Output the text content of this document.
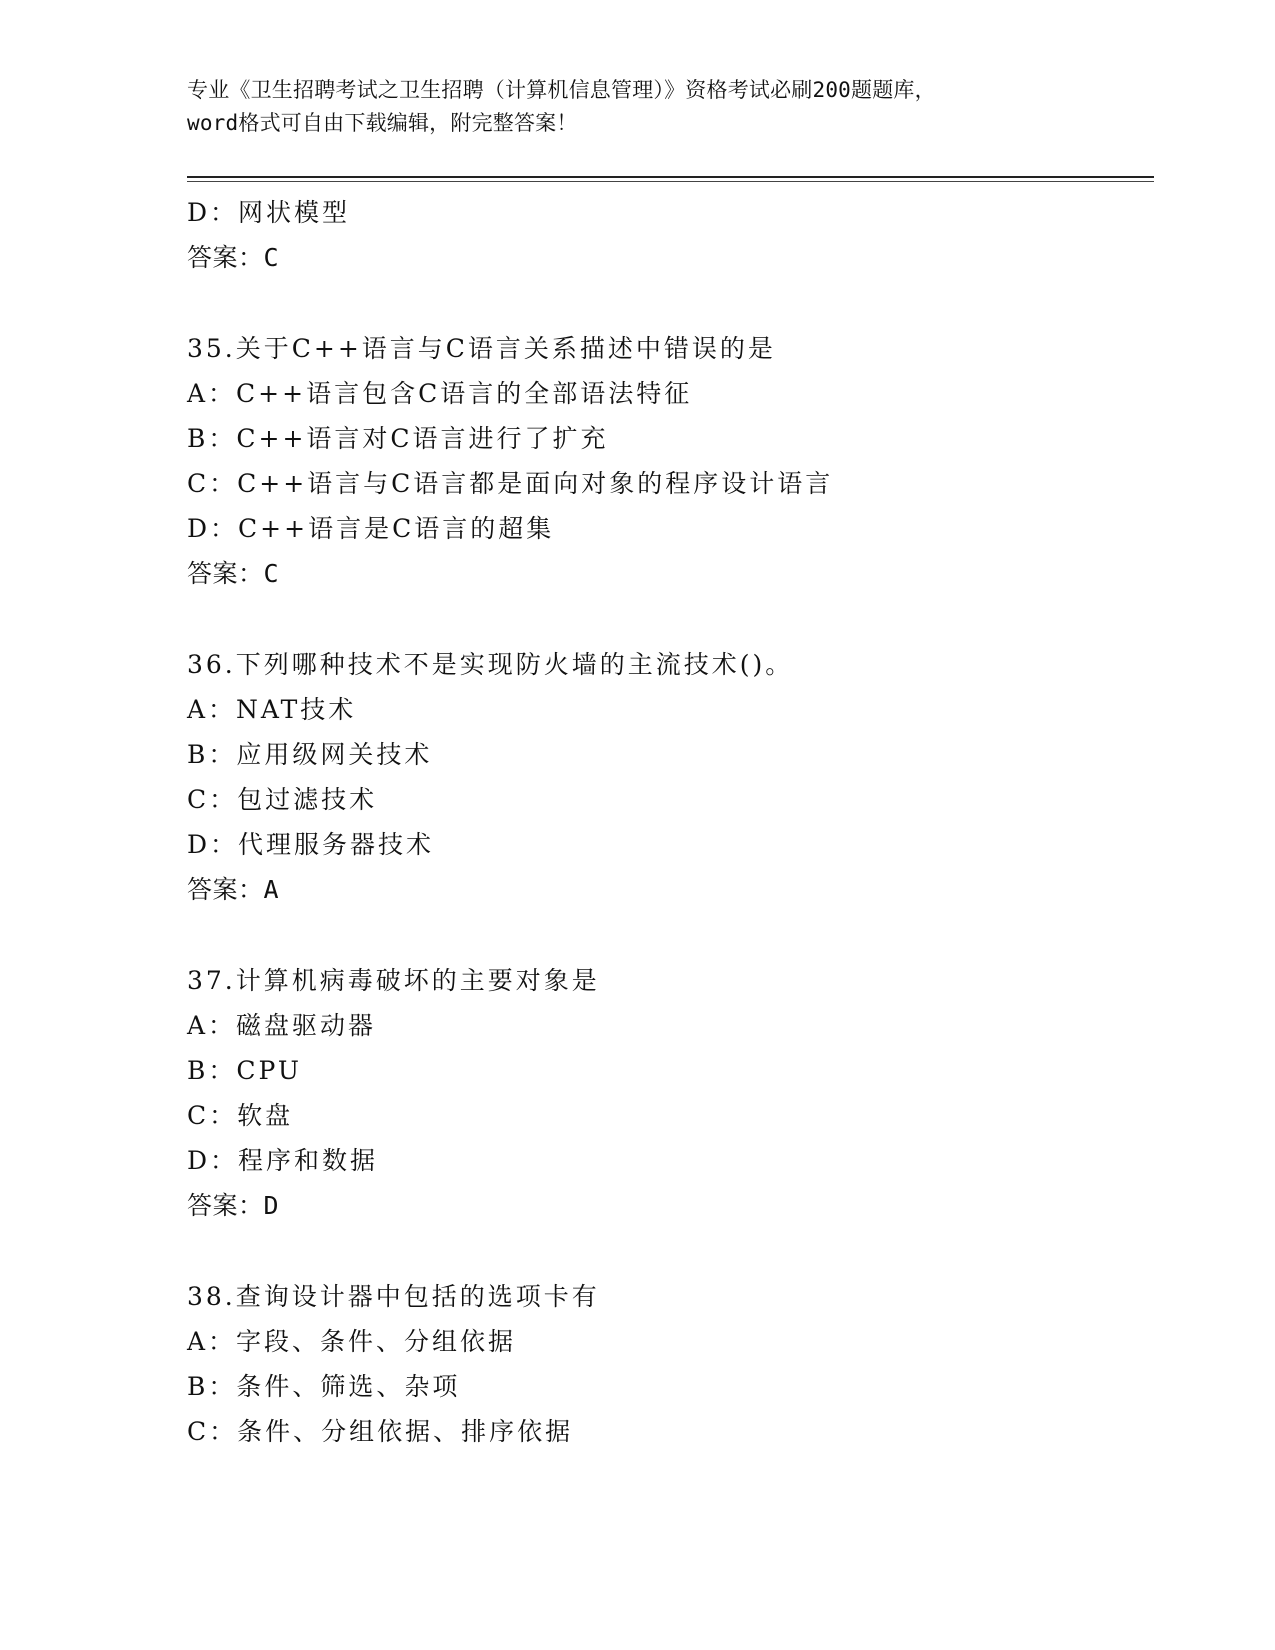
专业《卫生招聘考试之卫生招聘（计算机信息管理）》资格考试必刷200题题库，
word格式可自由下载编辑，附完整答案！
D：网状模型
答案：C
35.关于C++语言与C语言关系描述中错误的是
A：C++语言包含C语言的全部语法特征
B：C++语言对C语言进行了扩充
C：C++语言与C语言都是面向对象的程序设计语言
D：C++语言是C语言的超集
答案：C
36.下列哪种技术不是实现防火墙的主流技术()。
A：NAT技术
B：应用级网关技术
C：包过滤技术
D：代理服务器技术
答案：A
37.计算机病毒破坏的主要对象是
A：磁盘驱动器
B：CPU
C：软盘
D：程序和数据
答案：D
38.查询设计器中包括的选项卡有
A：字段、条件、分组依据
B：条件、筛选、杂项
C：条件、分组依据、排序依据
